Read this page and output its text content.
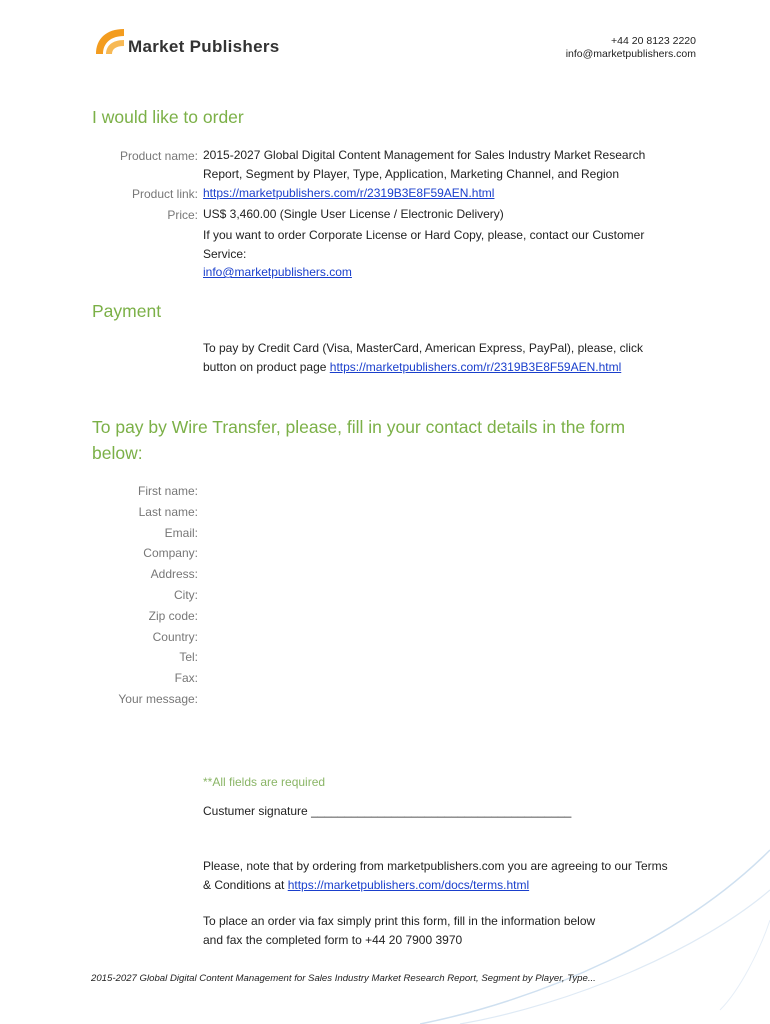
Market Publishers	+44 20 8123 2220
info@marketpublishers.com
I would like to order
Product name: 2015-2027 Global Digital Content Management for Sales Industry Market Research
Report, Segment by Player, Type, Application, Marketing Channel, and Region
Product link: https://marketpublishers.com/r/2319B3E8F59AEN.html
Price: US$ 3,460.00 (Single User License / Electronic Delivery)
If you want to order Corporate License or Hard Copy, please, contact our Customer
Service:
info@marketpublishers.com
Payment
To pay by Credit Card (Visa, MasterCard, American Express, PayPal), please, click
button on product page https://marketpublishers.com/r/2319B3E8F59AEN.html
To pay by Wire Transfer, please, fill in your contact details in the form
below:
First name:
Last name:
Email:
Company:
Address:
City:
Zip code:
Country:
Tel:
Fax:
Your message:
**All fields are required
Custumer signature _______________________________________
Please, note that by ordering from marketpublishers.com you are agreeing to our Terms
& Conditions at https://marketpublishers.com/docs/terms.html
To place an order via fax simply print this form, fill in the information below
and fax the completed form to +44 20 7900 3970
2015-2027 Global Digital Content Management for Sales Industry Market Research Report, Segment by Player, Type...
